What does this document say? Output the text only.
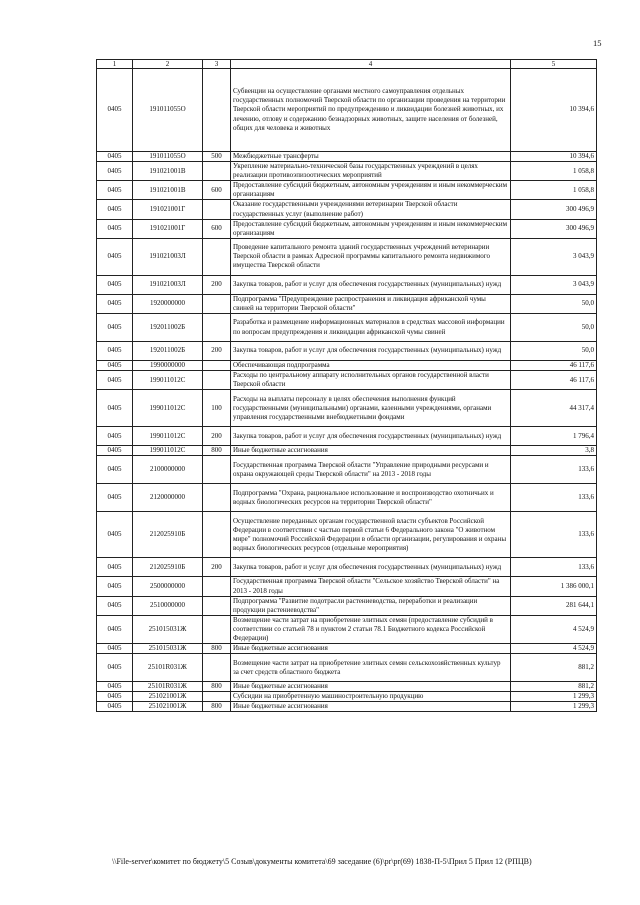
15
1	2	3	4	5
0405	191011055O		Субвенции на осуществление органами местного самоуправления отдельных государственных полномочий Тверской области по организации проведения на территории Тверской области мероприятий по предупреждению и ликвидации болезней животных, их лечению, отлову и содержанию безнадзорных животных, защите населения от болезней, общих для человека и животных	10 394,6
0405	191011055O	500	Межбюджетные трансферты	10 394,6
0405	191021001В		Укрепление материально-технической базы государственных учреждений в целях реализации противоэпизоотических мероприятий	1 058,8
0405	191021001В	600	Предоставление субсидий бюджетным, автономным учреждениям и иным некоммерческим организациям	1 058,8
0405	191021001Г		Оказание государственными учреждениями ветеринарии Тверской области государственных услуг (выполнение работ)	300 496,9
0405	191021001Г	600	Предоставление субсидий бюджетным, автономным учреждениям и иным некоммерческим организациям	300 496,9
0405	191021003Л		Проведение капитального ремонта зданий государственных учреждений ветеринарии Тверской области в рамках Адресной программы капитального ремонта недвижимого имущества Тверской области	3 043,9
0405	191021003Л	200	Закупка товаров, работ и услуг для обеспечения государственных (муниципальных) нужд	3 043,9
0405	1920000000		Подпрограмма "Предупреждение распространения и ликвидация африканской чумы свиней на территории Тверской области"	50,0
0405	192011002Б		Разработка и размещение информационных материалов в средствах массовой информации по вопросам предупреждения и ликвидации африканской чумы свиней	50,0
0405	192011002Б	200	Закупка товаров, работ и услуг для обеспечения государственных (муниципальных) нужд	50,0
0405	1990000000		Обеспечивающая подпрограмма	46 117,6
0405	199011012С		Расходы по центральному аппарату исполнительных органов государственной власти Тверской области	46 117,6
0405	199011012С	100	Расходы на выплаты персоналу в целях обеспечения выполнения функций государственными (муниципальными) органами, казенными учреждениями, органами управления государственными внебюджетными фондами	44 317,4
0405	199011012С	200	Закупка товаров, работ и услуг для обеспечения государственных (муниципальных) нужд	1 796,4
0405	199011012С	800	Иные бюджетные ассигнования	3,8
0405	2100000000		Государственная программа Тверской области "Управление природными ресурсами и охрана окружающей среды Тверской области" на 2013 - 2018 годы	133,6
0405	2120000000		Подпрограмма "Охрана, рациональное использование и воспроизводство охотничьих и водных биологических ресурсов на территории Тверской области"	133,6
0405	212025910Б		Осуществление переданных органам государственной власти субъектов Российской Федерации в соответствии с частью первой статьи 6 Федерального закона "О животном мире" полномочий Российской Федерации в области организации, регулирования и охраны водных биологических ресурсов (отдельные мероприятия)	133,6
0405	212025910Б	200	Закупка товаров, работ и услуг для обеспечения государственных (муниципальных) нужд	133,6
0405	2500000000		Государственная программа Тверской области "Сельское хозяйство Тверской области" на 2013 - 2018 годы	1 386 000,1
0405	2510000000		Подпрограмма "Развитие подотрасли растениеводства, переработки и реализации продукции растениеводства"	281 644,1
0405	251015031Ж		Возмещение части затрат на приобретение элитных семян (предоставление субсидий в соответствии со статьей 78 и пунктом 2 статьи 78.1 Бюджетного кодекса Российской Федерации)	4 524,9
0405	251015031Ж	800	Иные бюджетные ассигнования	4 524,9
0405	25101R031Ж		Возмещение части затрат на приобретение элитных семян сельскохозяйственных культур за счет средств областного бюджета	881,2
0405	25101R031Ж	800	Иные бюджетные ассигнования	881,2
0405	251021001Ж		Субсидии на приобретенную машиностроительную продукцию	1 299,3
0405	251021001Ж	800	Иные бюджетные ассигнования	1 299,3
\\File-server\комитет по бюджету\5 Созыв\документы комитета\69 заседание (6)\pr\pr(69) 1838-П-5\Прил 5 Прил 12 (РПЦВ)
